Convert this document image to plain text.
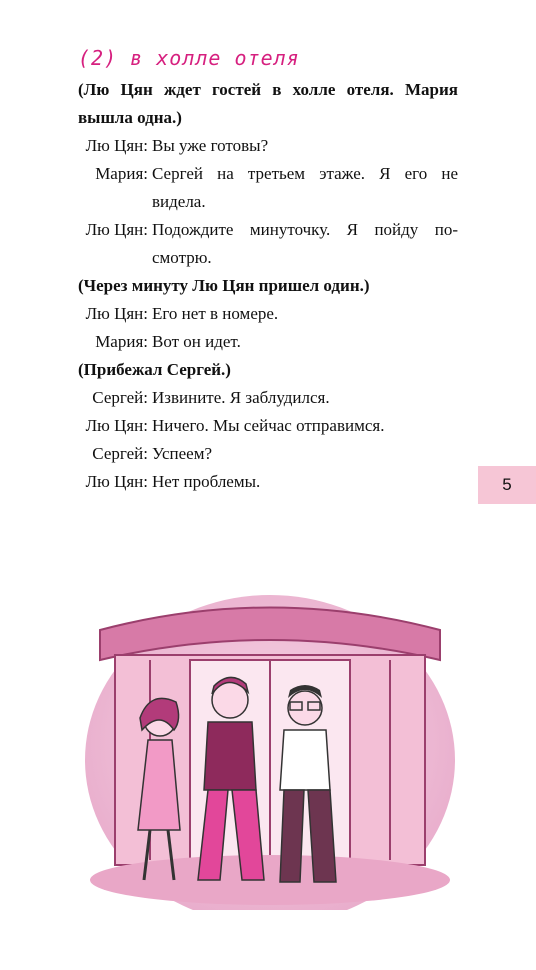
(2) в холле отеля
(Лю Цян ждет гостей в холле отеля. Мария
вышла одна.)
Лю Цян: Вы уже готовы?
Мария: Сергей на третьем этаже. Я его не
видела.
Лю Цян: Подождите минуточку. Я пойду по-
смотрю.
(Через минуту Лю Цян пришел один.)
Лю Цян: Его нет в номере.
Мария: Вот он идет.
(Прибежал Сергей.)
Сергей: Извините. Я заблудился.
Лю Цян: Ничего. Мы сейчас отправимся.
Сергей: Успеем?
Лю Цян: Нет проблемы.	5
